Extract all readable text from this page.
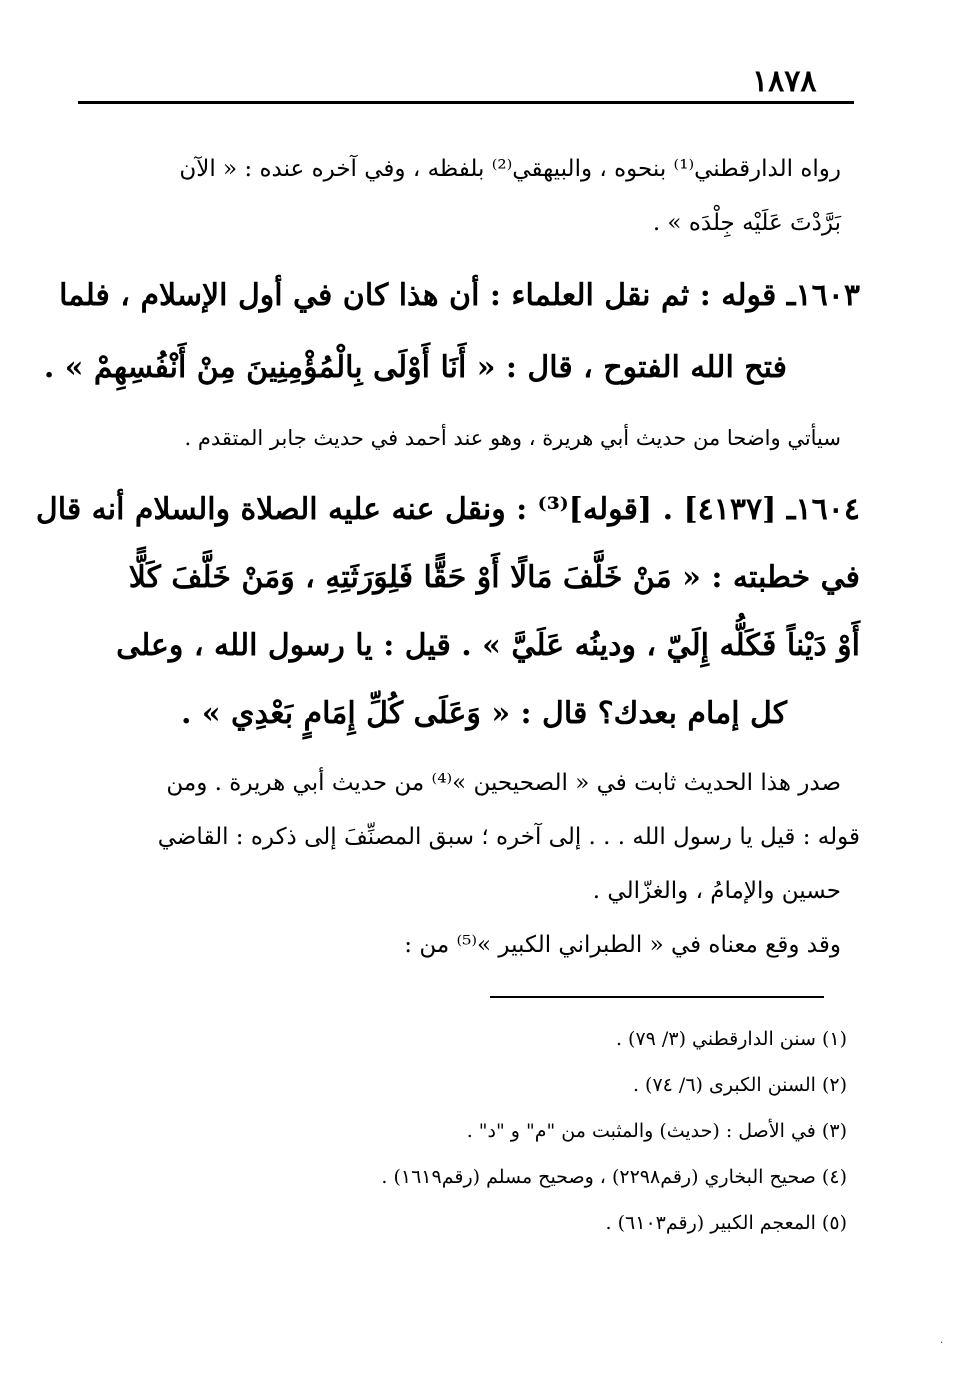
١٨٧٨
رواه الدارقطني⁽¹⁾ بنحوه ، والبيهقي⁽²⁾ بلفظه ، وفي آخره عنده : « الآن
بَرَّدْتَ عَلَيْه جِلْدَه » .
١٦٠٣ـ قوله : ثم نقل العلماء : أن هذا كان في أول الإسلام ، فلما
فتح الله الفتوح ، قال : « أَنَا أَوْلَى بِالْمُؤْمِنِينَ مِنْ أَنْفُسِهِمْ » .
سيأتي واضحا من حديث أبي هريرة ، وهو عند أحمد في حديث جابر المتقدم .
١٦٠٤ـ [٤١٣٧] . [قوله]⁽³⁾ : ونقل عنه عليه الصلاة والسلام أنه قال
في خطبته : « مَنْ خَلَّفَ مَالًا أَوْ حَقًّا فَلِوَرَثَتِهِ ، وَمَنْ خَلَّفَ كَلًّا
أَوْ دَيْناً فَكَلُّه إِلَيّ ، ودينُه عَلَيَّ » . قيل : يا رسول الله ، وعلى
كل إمام بعدك؟ قال : « وَعَلَى كُلِّ إِمَامٍ بَعْدِي » .
صدر هذا الحديث ثابت في « الصحيحين »⁽⁴⁾ من حديث أبي هريرة . ومن
قوله : قيل يا رسول الله . . . إلى آخره ؛ سبق المصنِّفَ إلى ذكره : القاضي
حسين والإمامُ ، والغزّالي .
وقد وقع معناه في « الطبراني الكبير »⁽⁵⁾ من :
(١) سنن الدارقطني (٣/ ٧٩) .
(٢) السنن الكبرى (٦/ ٧٤) .
(٣) في الأصل : (حديث) والمثبت من "م" و "د" .
(٤) صحيح البخاري (رقم٢٢٩٨) ، وصحيح مسلم (رقم١٦١٩) .
(٥) المعجم الكبير (رقم٦١٠٣) .
·
